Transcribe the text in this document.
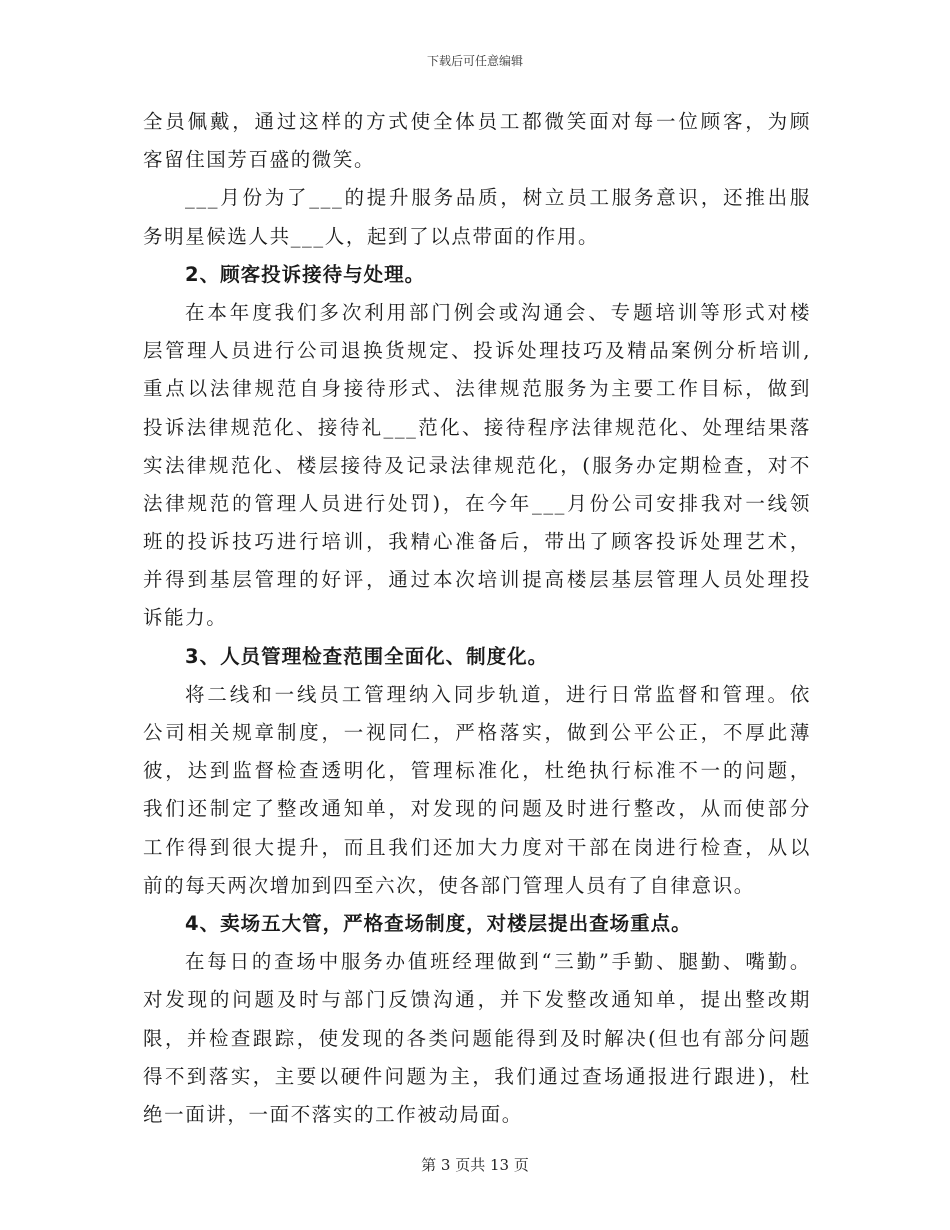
下载后可任意编辑
全员佩戴，通过这样的方式使全体员工都微笑面对每一位顾客，为顾
客留住国芳百盛的微笑。
___月份为了___的提升服务品质，树立员工服务意识，还推出服
务明星候选人共___人，起到了以点带面的作用。
2、顾客投诉接待与处理。
在本年度我们多次利用部门例会或沟通会、专题培训等形式对楼
层管理人员进行公司退换货规定、投诉处理技巧及精品案例分析培训,
重点以法律规范自身接待形式、法律规范服务为主要工作目标，做到
投诉法律规范化、接待礼___范化、接待程序法律规范化、处理结果落
实法律规范化、楼层接待及记录法律规范化，(服务办定期检查，对不
法律规范的管理人员进行处罚)，在今年___月份公司安排我对一线领
班的投诉技巧进行培训，我精心准备后，带出了顾客投诉处理艺术，
并得到基层管理的好评，通过本次培训提高楼层基层管理人员处理投
诉能力。
3、人员管理检查范围全面化、制度化。
将二线和一线员工管理纳入同步轨道，进行日常监督和管理。依
公司相关规章制度，一视同仁，严格落实，做到公平公正，不厚此薄
彼，达到监督检查透明化，管理标准化，杜绝执行标准不一的问题，
我们还制定了整改通知单，对发现的问题及时进行整改，从而使部分
工作得到很大提升，而且我们还加大力度对干部在岗进行检查，从以
前的每天两次增加到四至六次，使各部门管理人员有了自律意识。
4、卖场五大管，严格查场制度，对楼层提出查场重点。
在每日的查场中服务办值班经理做到“三勤”手勤、腿勤、嘴勤。
对发现的问题及时与部门反馈沟通，并下发整改通知单，提出整改期
限，并检查跟踪，使发现的各类问题能得到及时解决(但也有部分问题
得不到落实，主要以硬件问题为主，我们通过查场通报进行跟进)，杜
绝一面讲，一面不落实的工作被动局面。
第 3 页共 13 页
